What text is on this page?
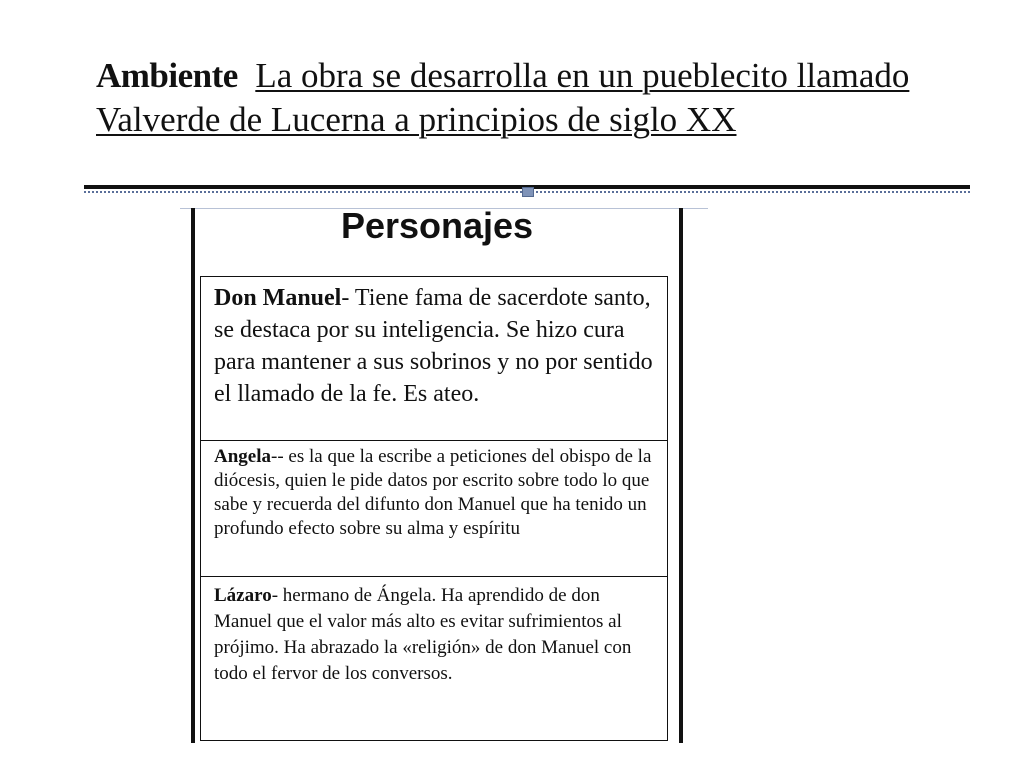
Ambiente La obra se desarrolla en un pueblecito llamado Valverde de Lucerna a principios de siglo XX
Personajes
Don Manuel- Tiene fama de sacerdote santo, se destaca por su inteligencia. Se hizo cura para mantener a sus sobrinos y no por sentido el llamado de la fe. Es ateo.
Angela-- es la que la escribe a peticiones del obispo de la diócesis, quien le pide datos por escrito sobre todo lo que sabe y recuerda del difunto don Manuel que ha tenido un profundo efecto sobre su alma y espíritu
Lázaro- hermano de Ángela. Ha aprendido de don Manuel que el valor más alto es evitar sufrimientos al prójimo. Ha abrazado la «religión» de don Manuel con todo el fervor de los conversos.
